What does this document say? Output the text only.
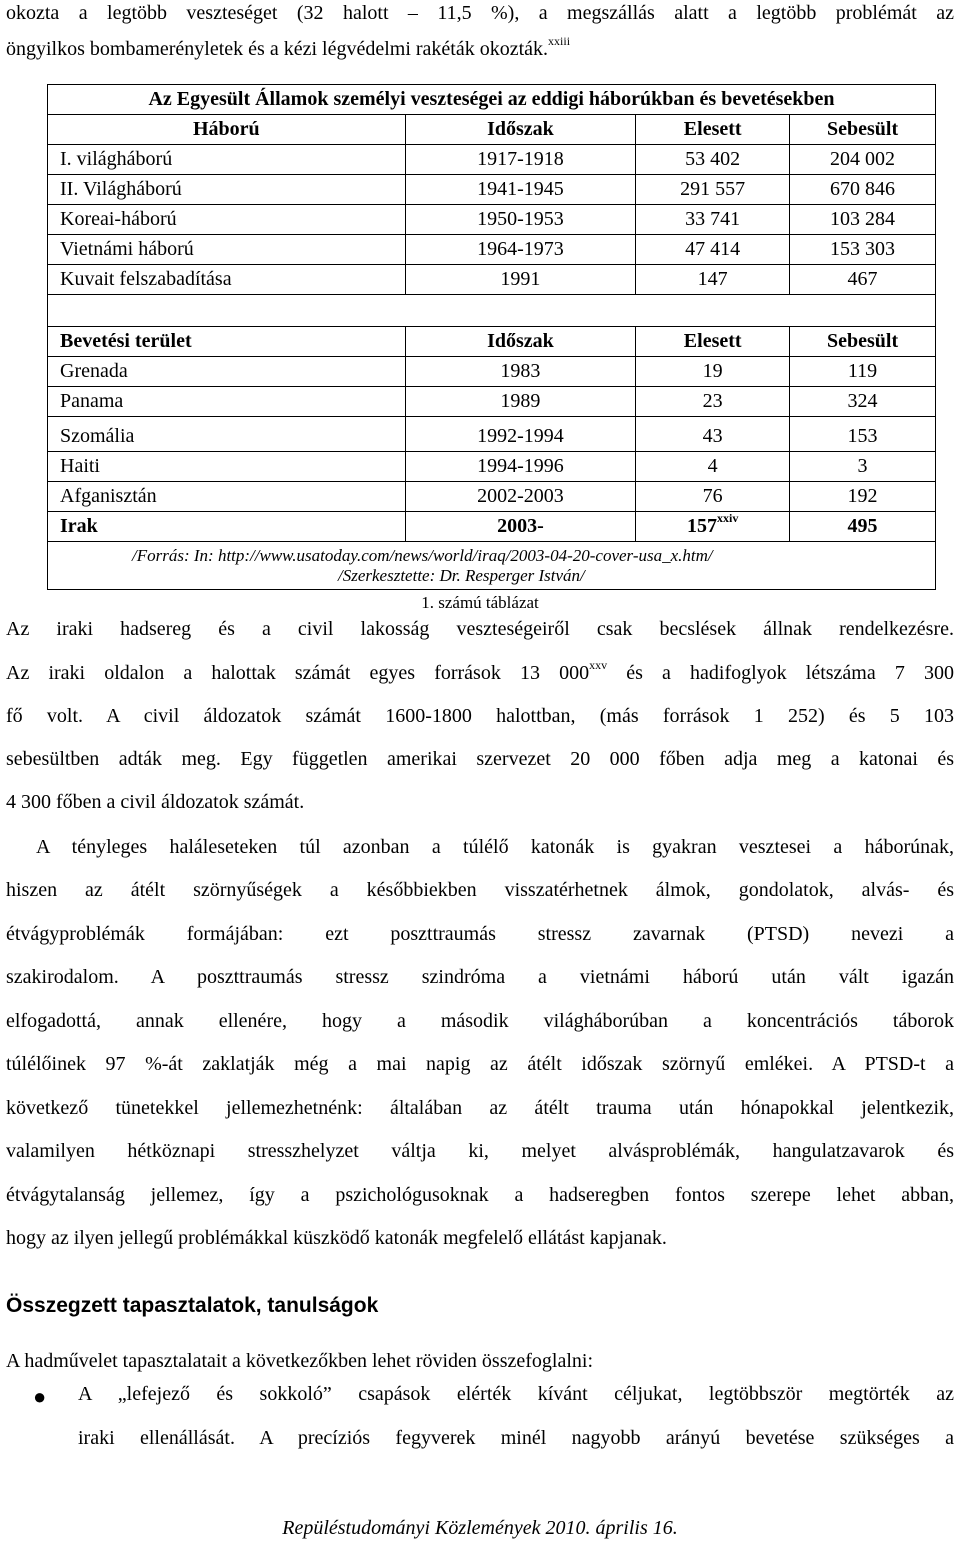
okozta a legtöbb veszteséget (32 halott – 11,5 %), a megszállás alatt a legtöbb problémát az
öngyilkos bombamerényletek és a kézi légvédelmi rakéták okozták.$^{xxiii}$
Az Egyesült Államok személyi veszteségei az eddigi háborúkban és bevetésekben			
Háború	Időszak	Elesett	Sebesült
I. világháború	1917-1918	53 402	204 002
II. Világháború	1941-1945	291 557	670 846
Koreai-háború	1950-1953	33 741	103 284
Vietnámi háború	1964-1973	47 414	153 303
Kuvait felszabadítása	1991	147	467

Bevetési terület	Időszak	Elesett	Sebesült
Grenada	1983	19	119
Panama	1989	23	324
Szomália	1992-1994	43	153
Haiti	1994-1996	4	3
Afganisztán	2002-2003	76	192
Irak	2003-	157$^{xxiv}$	495

/Forrás: In: http://www.usatoday.com/news/world/iraq/2003-04-20-cover-usa_x.htm/
/Szerkesztette: Dr. Resperger István/			
1. számú táblázat
Az iraki hadsereg és a civil lakosság veszteségeiről csak becslések állnak rendelkezésre.
Az iraki oldalon a halottak számát egyes források 13 000$^{xxv}$ és a hadifoglyok létszáma 7 300
fő volt. A civil áldozatok számát 1600-1800 halottban, (más források 1 252) és 5 103
sebesültben adták meg. Egy független amerikai szervezet 20 000 főben adja meg a katonai és
4 300 főben a civil áldozatok számát.
A tényleges haláleseteken túl azonban a túlélő katonák is gyakran vesztesei a háborúnak,
hiszen az átélt szörnyűségek a későbbiekben visszatérhetnek álmok, gondolatok, alvás- és
étvágyproblémák formájában: ezt poszttraumás stressz zavarnak (PTSD) nevezi a
szakirodalom. A poszttraumás stressz szindróma a vietnámi háború után vált igazán
elfogadottá, annak ellenére, hogy a második világháborúban a koncentrációs táborok
túlélőinek 97 %-át zaklatják még a mai napig az átélt időszak szörnyű emlékei. A PTSD-t a
következő tünetekkel jellemezhetnénk: általában az átélt trauma után hónapokkal jelentkezik,
valamilyen hétköznapi stresszhelyzet váltja ki, melyet alvásproblémák, hangulatzavarok és
étvágytalanság jellemez, így a pszichológusoknak a hadseregben fontos szerepe lehet abban,
hogy az ilyen jellegű problémákkal küszködő katonák megfelelő ellátást kapjanak.
Összegzett tapasztalatok, tanulságok
A hadművelet tapasztalatait a következőkben lehet röviden összefoglalni:
● A „lefejező és sokkoló” csapások elérték kívánt céljukat, legtöbbször megtörték az
iraki ellenállását. A precíziós fegyverek minél nagyobb arányú bevetése szükséges a
Repüléstudományi Közlemények 2010. április 16.
